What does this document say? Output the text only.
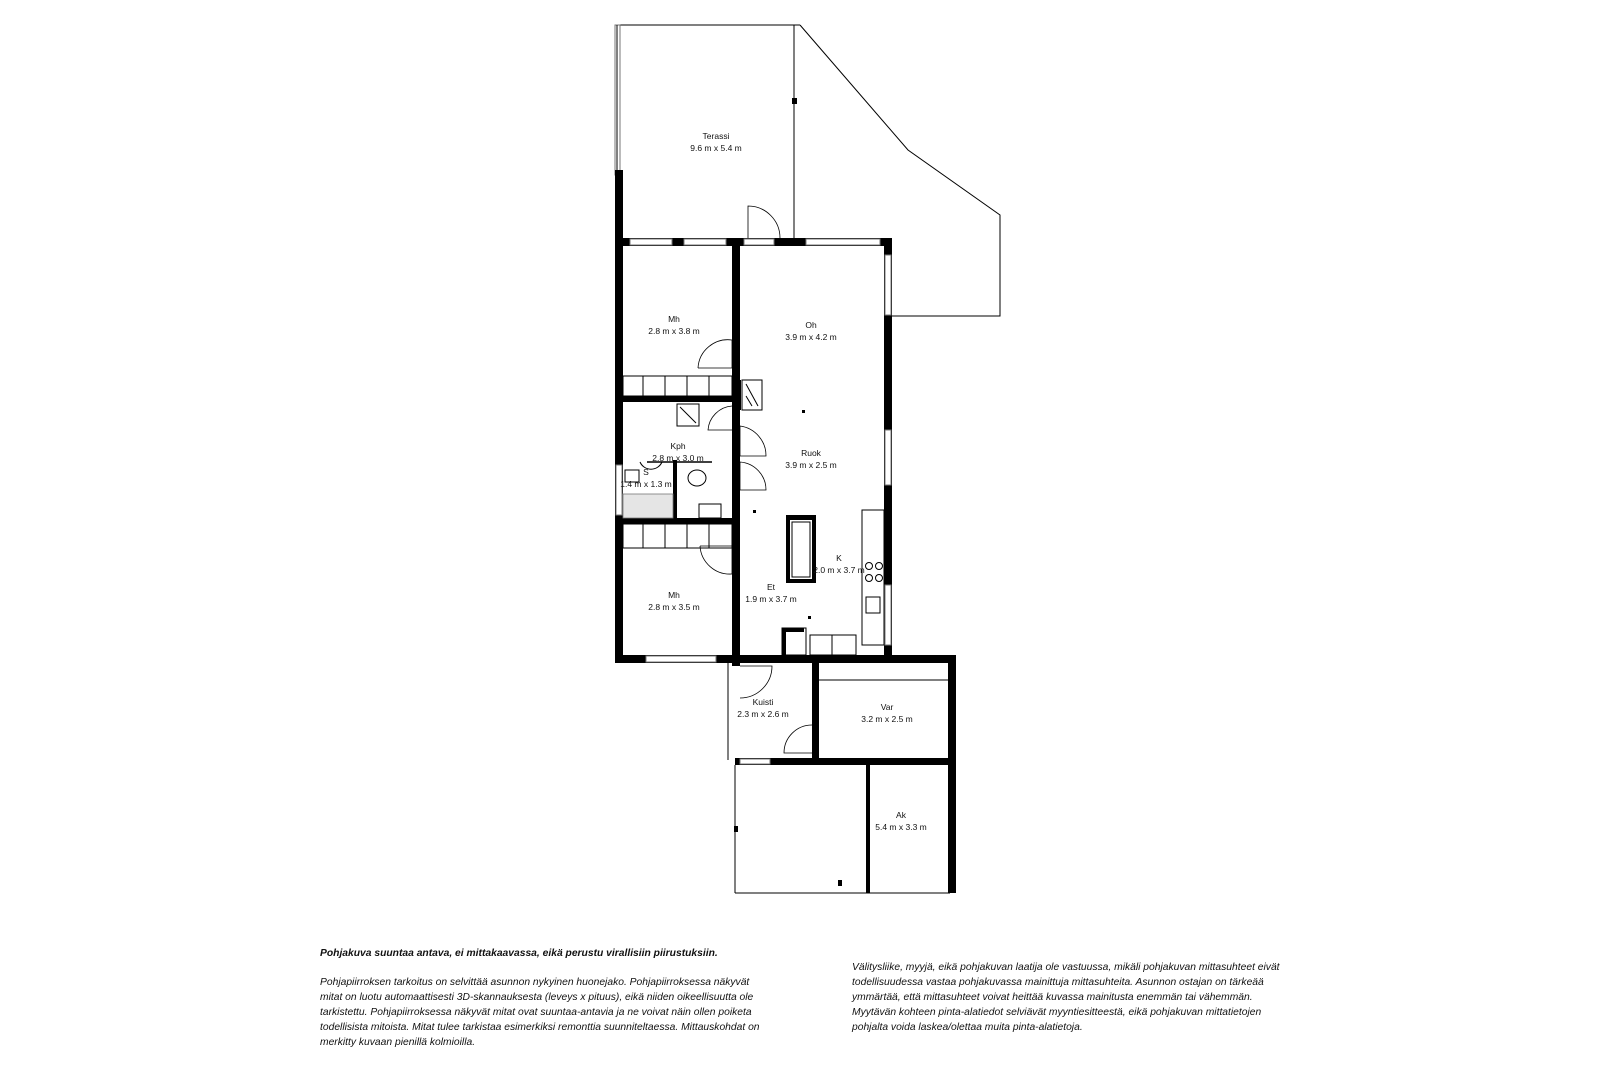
Terassi
9.6 m x 5.4 m
Mh
2.8 m x 3.8 m
Oh
3.9 m x 4.2 m
Kph
2.8 m x 3.0 m
S
1.4 m x 1.3 m
Ruok
3.9 m x 2.5 m
K
2.0 m x 3.7 m
Mh
2.8 m x 3.5 m
Et
1.9 m x 3.7 m
Kuisti
2.3 m x 2.6 m
Var
3.2 m x 2.5 m
Ak
5.4 m x 3.3 m

Pohjakuva suuntaa antava, ei mittakaavassa, eikä perustu virallisiin piirustuksiin.

Pohjapiirroksen tarkoitus on selvittää asunnon nykyinen huonejako. Pohjapiirroksessa näkyvät mitat on luotu automaattisesti 3D-skannauksesta (leveys x pituus), eikä niiden oikeellisuutta ole tarkistettu. Pohjapiirroksessa näkyvät mitat ovat suuntaa-antavia ja ne voivat näin ollen poiketa todellisista mitoista. Mitat tulee tarkistaa esimerkiksi remonttia suunniteltaessa. Mittauskohdat on merkitty kuvaan pienillä kolmioilla.

Välitysliike, myyjä, eikä pohjakuvan laatija ole vastuussa, mikäli pohjakuvan mittasuhteet eivät todellisuudessa vastaa pohjakuvassa mainittuja mittasuhteita. Asunnon ostajan on tärkeää ymmärtää, että mittasuhteet voivat heittää kuvassa mainitusta enemmän tai vähemmän. Myytävän kohteen pinta-alatiedot selviävät myyntiesitteestä, eikä pohjakuvan mittatietojen pohjalta voida laskea/olettaa muita pinta-alatietoja.
